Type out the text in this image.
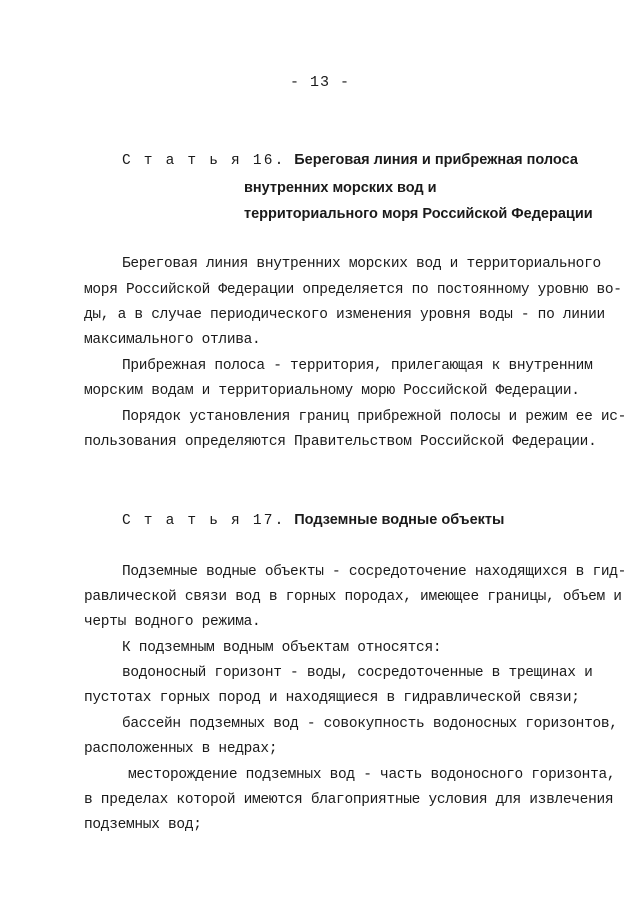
- 13 -
С т а т ь я 16. Береговая линия и прибрежная полоса
внутренних морских вод и
территориального моря Российской Федерации
Береговая линия внутренних морских вод и территориального
моря Российской Федерации определяется по постоянному уровню во-
ды, а в случае периодического изменения уровня воды - по линии
максимального отлива.
Прибрежная полоса - территория, прилегающая к внутренним
морским водам и территориальному морю Российской Федерации.
Порядок установления границ прибрежной полосы и режим ее ис-
пользования определяются Правительством Российской Федерации.
С т а т ь я 17. Подземные водные объекты
Подземные водные объекты - сосредоточение находящихся в гид-
равлической связи вод в горных породах, имеющее границы, объем и
черты водного режима.
К подземным водным объектам относятся:
водоносный горизонт - воды, сосредоточенные в трещинах и
пустотах горных пород и находящиеся в гидравлической связи;
бассейн подземных вод - совокупность водоносных горизонтов,
расположенных в недрах;
месторождение подземных вод - часть водоносного горизонта,
в пределах которой имеются благоприятные условия для извлечения
подземных вод;
